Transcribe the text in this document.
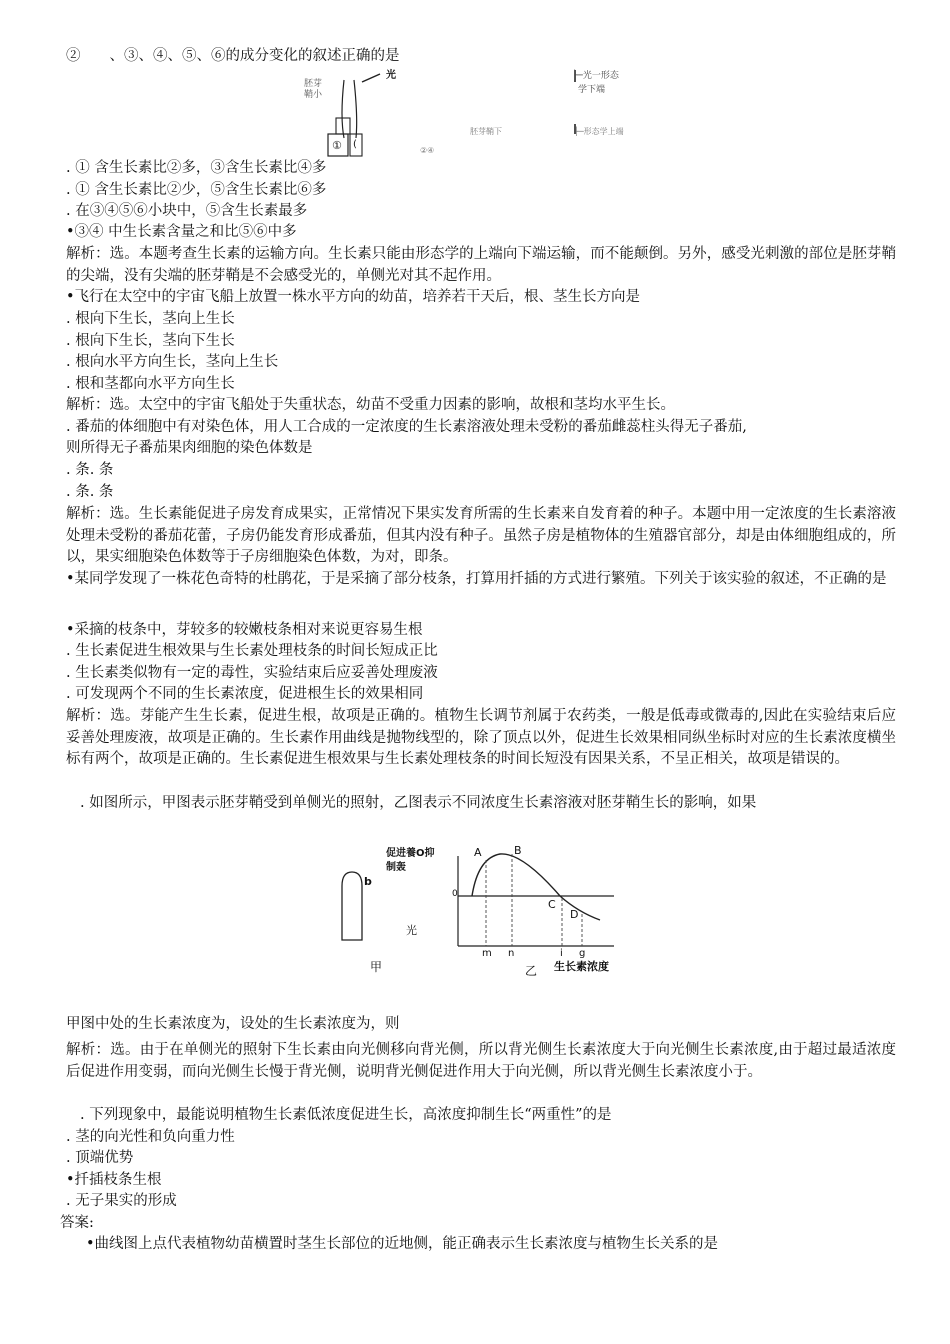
②　　、③、④、⑤、⑥的成分变化的叙述正确的是
胚芽
鞘小
光	├─光一形态
学下端
① (
胚芽鞘下
②④
├─形态学上端
. ① 含生长素比②多，③含生长素比④多
. ① 含生长素比②少，⑤含生长素比⑥多
. 在③④⑤⑥小块中，⑤含生长素最多
•③④ 中生长素含量之和比⑤⑥中多
解析：选。本题考查生长素的运输方向。生长素只能由形态学的上端向下端运输，而不能颠倒。另外，感受光刺激的部位是胚芽鞘的尖端，没有尖端的胚芽鞘是不会感受光的，单侧光对其不起作用。
•飞行在太空中的宇宙飞船上放置一株水平方向的幼苗，培养若干天后，根、茎生长方向是
. 根向下生长，茎向上生长
. 根向下生长，茎向下生长
. 根向水平方向生长，茎向上生长
. 根和茎都向水平方向生长
解析：选。太空中的宇宙飞船处于失重状态，幼苗不受重力因素的影响，故根和茎均水平生长。
. 番茄的体细胞中有对染色体，用人工合成的一定浓度的生长素溶液处理未受粉的番茄雌蕊柱头得无子番茄,
则所得无子番茄果肉细胞的染色体数是
. 条. 条
. 条. 条
解析：选。生长素能促进子房发育成果实，正常情况下果实发育所需的生长素来自发育着的种子。本题中用一定浓度的生长素溶液处理未受粉的番茄花蕾，子房仍能发育形成番茄，但其内没有种子。虽然子房是植物体的生殖器官部分，却是由体细胞组成的，所以，果实细胞染色体数等于子房细胞染色体数，为对，即条。
•某同学发现了一株花色奇特的杜鹃花，于是采摘了部分枝条，打算用扦插的方式进行繁殖。下列关于该实验的叙述，不正确的是
•采摘的枝条中，芽较多的较嫩枝条相对来说更容易生根
. 生长素促进生根效果与生长素处理枝条的时间长短成正比
. 生长素类似物有一定的毒性，实验结束后应妥善处理废液
. 可发现两个不同的生长素浓度，促进根生长的效果相同
解析：选。芽能产生生长素，促进生根，故项是正确的。植物生长调节剂属于农药类，一般是低毒或微毒的,因此在实验结束后应妥善处理废液，故项是正确的。生长素作用曲线是抛物线型的，除了顶点以外，促进生长效果相同纵坐标时对应的生长素浓度横坐标有两个，故项是正确的。生长素促进生根效果与生长素处理枝条的时间长短没有因果关系，不呈正相关，故项是错误的。
. 如图所示，甲图表示胚芽鞘受到单侧光的照射，乙图表示不同浓度生长素溶液对胚芽鞘生长的影响，如果
b
光
甲
促进養O抑
制轰
0
A	B
C
D
m n	i g
生长素浓度
乙
甲图中处的生长素浓度为，设处的生长素浓度为，则
解析：选。由于在单侧光的照射下生长素由向光侧移向背光侧，所以背光侧生长素浓度大于向光侧生长素浓度,由于超过最适浓度后促进作用变弱，而向光侧生长慢于背光侧，说明背光侧促进作用大于向光侧，所以背光侧生长素浓度小于。
. 下列现象中，最能说明植物生长素低浓度促进生长，高浓度抑制生长“两重性”的是
. 茎的向光性和负向重力性
. 顶端优势
•扦插枝条生根
. 无子果实的形成
答案:
•曲线图上点代表植物幼苗横置时茎生长部位的近地侧，能正确表示生长素浓度与植物生长关系的是
